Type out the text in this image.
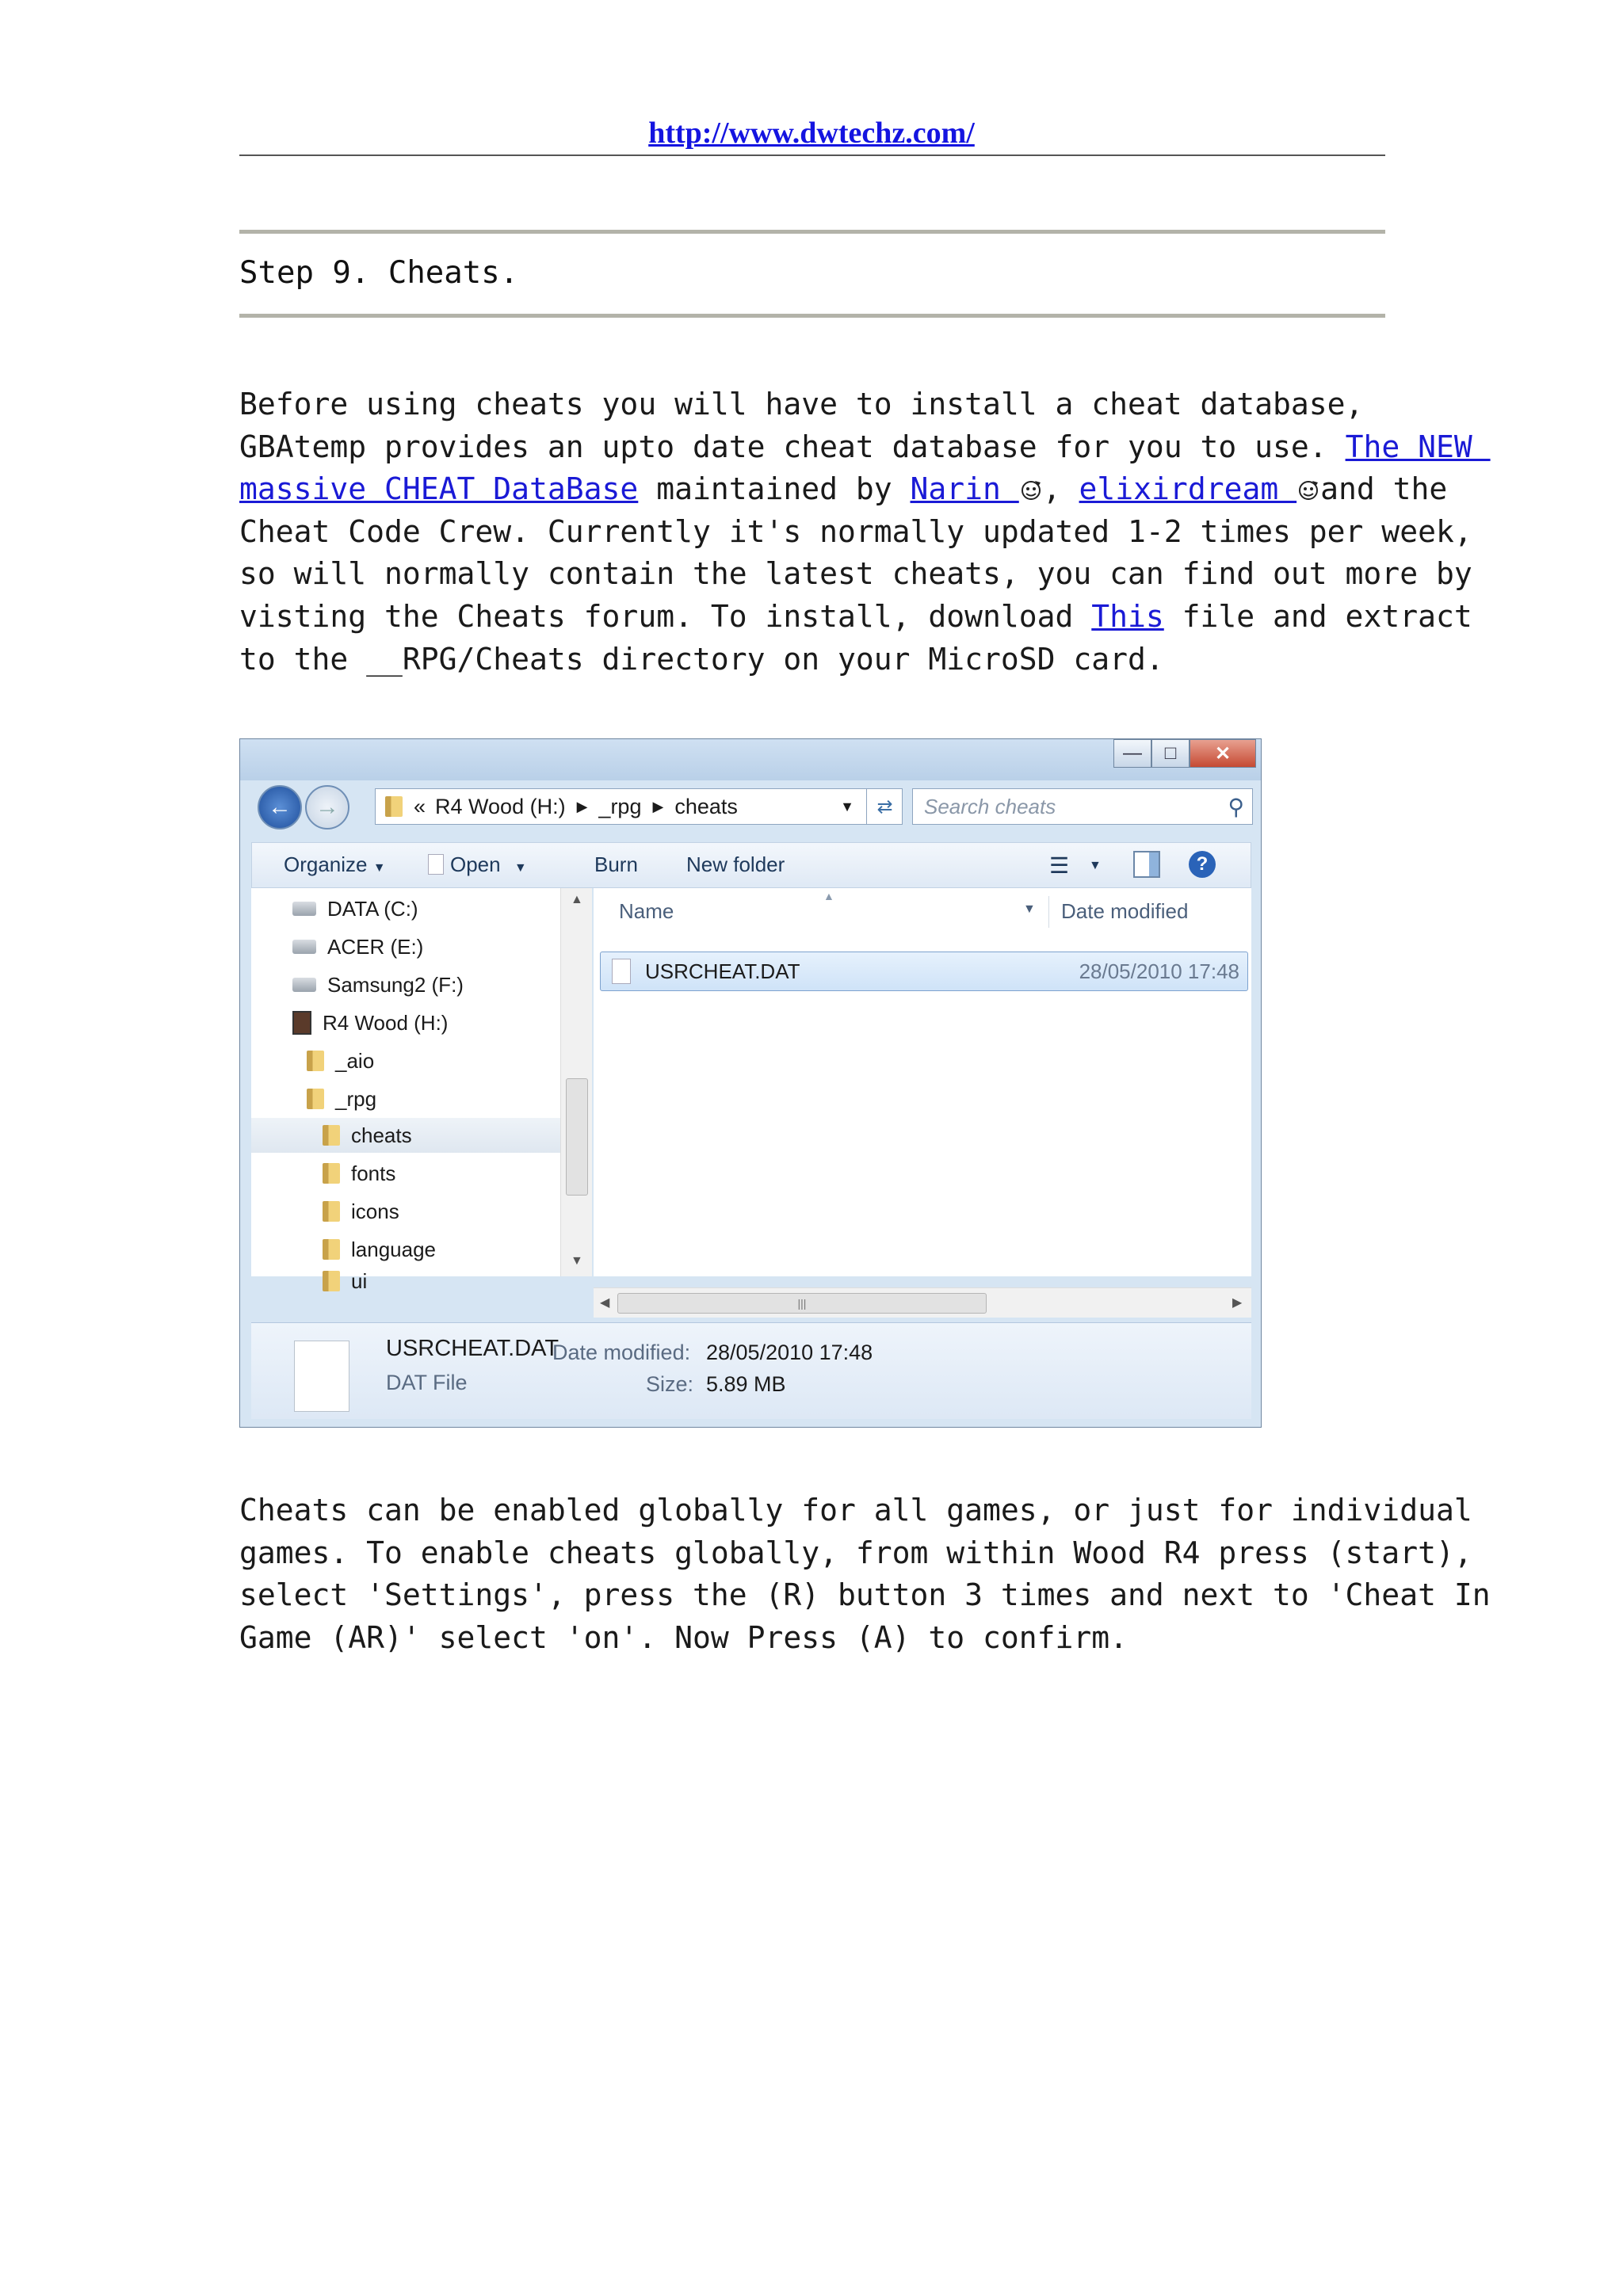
http://www.dwtechz.com/
Step 9. Cheats.
Before using cheats you will have to install a cheat database,
GBAtemp provides an upto date cheat database for you to use. The NEW
massive CHEAT DataBase maintained by Narin , elixirdream and the
Cheat Code Crew. Currently it's normally updated 1-2 times per week,
so will normally contain the latest cheats, you can find out more by
visting the Cheats forum. To install, download This file and extract
to the __RPG/Cheats directory on your MicroSD card.
—	□	✕
←	→	« R4 Wood (H:) ▶ _rpg ▶ cheats	▼	⇄	Search cheats	⚲
Organize ▼	Open ▼	Burn New folder	☰ ▼	?
DATA (C:)
ACER (E:)
Samsung2 (F:)
R4 Wood (H:)
_aio
_rpg
cheats
fonts
icons
language
ui
▲
▼
Name
▲
▼ Date modified
USRCHEAT.DAT	28/05/2010 17:48
◀	|||	▶
USRCHEAT.DAT
DAT File
Date modified: 28/05/2010 17:48
Size: 5.89 MB
Cheats can be enabled globally for all games, or just for individual
games. To enable cheats globally, from within Wood R4 press (start),
select 'Settings', press the (R) button 3 times and next to 'Cheat In
Game (AR)' select 'on'. Now Press (A) to confirm.
